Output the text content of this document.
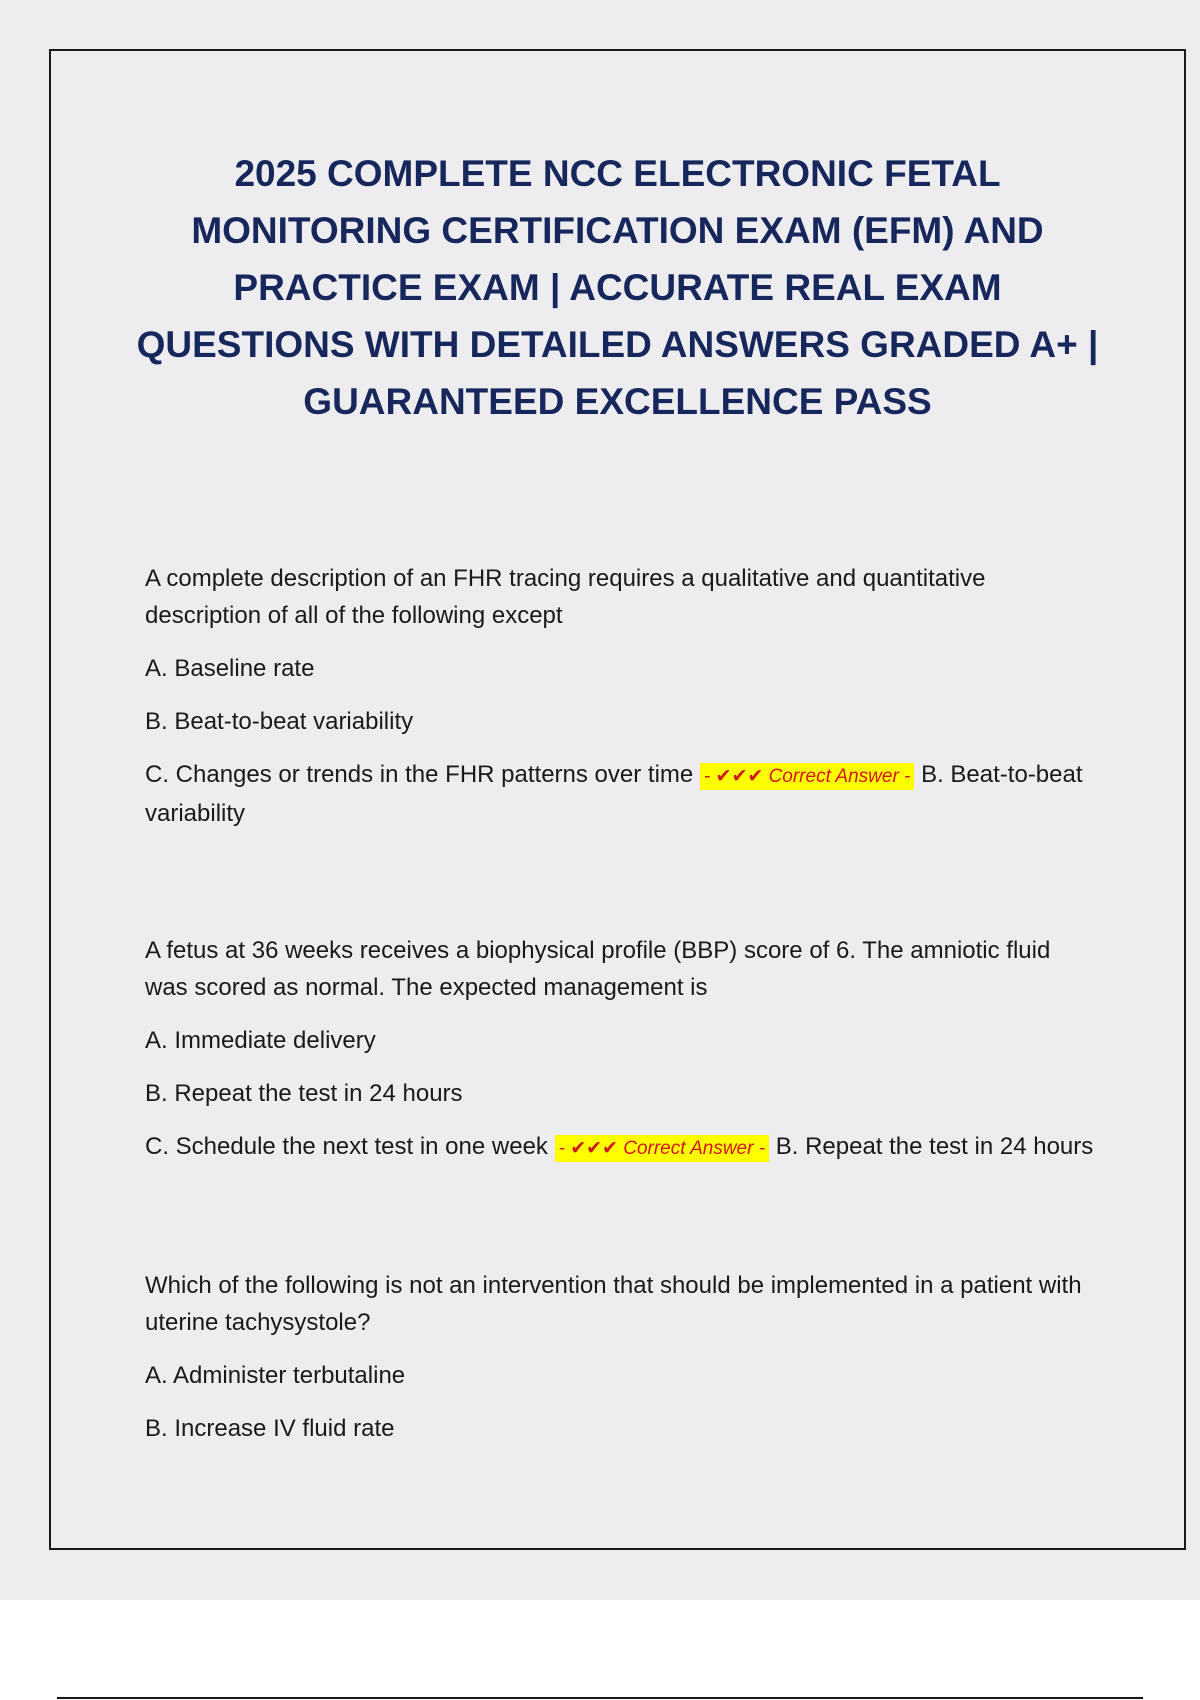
2025 COMPLETE NCC ELECTRONIC FETAL MONITORING CERTIFICATION EXAM (EFM) AND PRACTICE EXAM | ACCURATE REAL EXAM QUESTIONS WITH DETAILED ANSWERS GRADED A+ | GUARANTEED EXCELLENCE PASS

A complete description of an FHR tracing requires a qualitative and quantitative description of all of the following except

A. Baseline rate

B. Beat-to-beat variability

C. Changes or trends in the FHR patterns over time - ✔✔✔ Correct Answer - B. Beat-to-beat variability

A fetus at 36 weeks receives a biophysical profile (BBP) score of 6. The amniotic fluid was scored as normal. The expected management is

A. Immediate delivery

B. Repeat the test in 24 hours

C. Schedule the next test in one week - ✔✔✔ Correct Answer - B. Repeat the test in 24 hours

Which of the following is not an intervention that should be implemented in a patient with uterine tachysystole?

A. Administer terbutaline

B. Increase IV fluid rate
